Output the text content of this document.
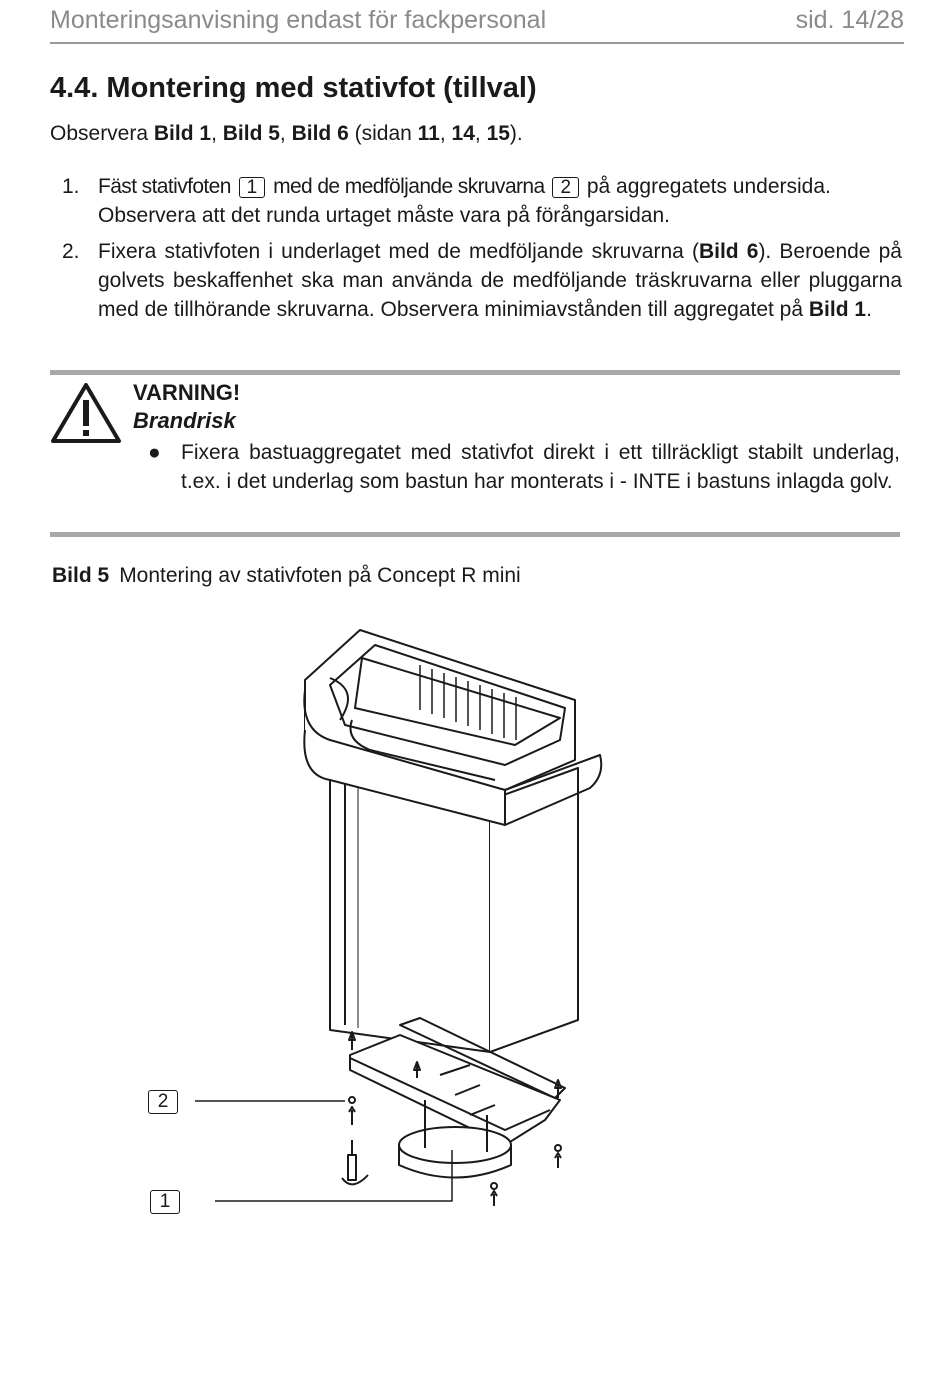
Monteringsanvisning endast för fackpersonal	sid. 14/28
4.4. Montering med stativfot (tillval)
Observera Bild 1, Bild 5, Bild 6 (sidan 11, 14, 15).
1. Fäst stativfoten 1 med de medföljande skruvarna 2 på aggregatets undersida. Observera att det runda urtaget måste vara på förångarsidan.
2. Fixera stativfoten i underlaget med de medföljande skruvarna (Bild 6). Berоende på golvets beskaffenhet ska man använda de medföljande träskruvarna eller pluggarna med de tillhörande skruvarna. Observera minimiavstånden till aggregatet på Bild 1.
VARNING!
Brandrisk
● Fixera bastuaggregatet med stativfot direkt i ett tillräckligt stabilt underlag, t.ex. i det underlag som bastun har monterats i - INTE i bastuns inlagda golv.
Bild 5 Montering av stativfoten på Concept R mini
2
1
